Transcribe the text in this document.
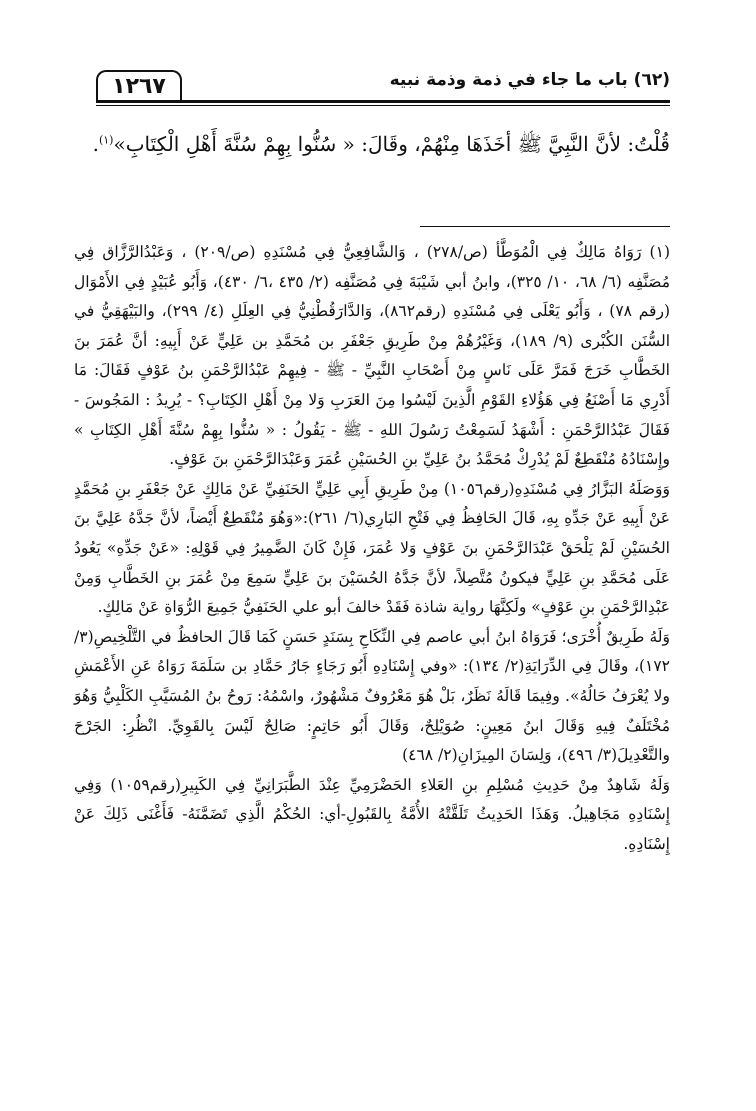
(٦٢) باب ما جاء في ذمة وذمة نبيه
١٢٦٧
قُلْتُ: لأنَّ النَّبِيَّ ﷺ أخَذَهَا مِنْهُمْ، وقَالَ: « سُنُّوا بِهِمْ سُنَّةَ أَهْلِ الْكِتَابِ»$^{(١)}$.

(١) رَوَاهُ مَالِكٌ فِي الْمُوَطَّأ (ص/٢٧٨) ، وَالشَّافِعِيُّ فِي مُسْنَدِهِ (ص/٢٠٩) ، وَعَبْدُالرَّزَّاق فِي مُصَنَّفِه (٦/ ٦٨، ١٠/ ٣٢٥)، وابنُ أبي شَيْبَةَ فِي مُصَنَّفِه (٢/ ٤٣٥ ،٦/ ٤٣٠)، وَأَبُو عُبَيْدٍ فِي الأَمْوَال (رقم ٧٨) ، وَأَبُو يَعْلَى فِي مُسْنَدِهِ (رقم٨٦٢)، وَالدَّارَقُطْنِيُّ فِي العِلَلِ (٤/ ٢٩٩)، والبَيْهَقِيُّ في السُّنَن الكُبْرى (٩/ ١٨٩)، وَغَيْرُهُمْ مِنْ طَرِيقِ جَعْفَرِ بن مُحَمَّدِ بن عَلِيٍّ عَنْ أَبِيهِ: أنَّ عُمَرَ بنَ الخَطَّابِ خَرَجَ فَمَرَّ عَلَى نَاسٍ مِنْ أَصْحَابِ النَّبِيِّ - ﷺ - فِيهِمْ عَبْدُالرَّحْمَنِ بنُ عَوْفٍ فَقَالَ: مَا أَدْرِي مَا أَصْنَعُ فِي هَؤُلاءِ القَوْمِ الَّذِينَ لَيْسُوا مِنَ العَرَبِ وَلا مِنْ أَهْلِ الكِتَابِ؟ - يُرِيدُ : المَجُوسَ - فَقَالَ عَبْدُالرَّحْمَنِ : أَشْهَدُ لَسَمِعْتُ رَسُولَ اللهِ - ﷺ - يَقُولُ : « سُنُّوا بِهِمْ سُنَّةَ أَهْلِ الكِتَابِ » وإِسْنَادُهُ مُنْقَطِعٌ لَمْ يُدْرِكْ مُحَمَّدُ بنُ عَلِيِّ بنِ الحُسَيْنِ عُمَرَ وَعَبْدَالرَّحْمَنِ بنَ عَوْفٍ.

وَوَصَلَهُ البَزَّارُ فِي مُسْنَدِهِ(رقم١٠٥٦) مِنْ طَرِيقِ أَبِي عَلِيٍّ الحَنَفِيِّ عَنْ مَالِكٍ عَنْ جَعْفَرِ بنِ مُحَمَّدٍ عَنْ أَبِيهِ عَنْ جَدِّهِ بِهِ، قَالَ الحَافِظُ فِي فَتْحِ البَارِي(٦/ ٢٦١):«وَهُوَ مُنْقَطِعٌ أَيْضاً، لأنَّ جَدَّهُ عَلِيَّ بنَ الحُسَيْنِ لَمْ يَلْحَقْ عَبْدَالرَّحْمَنِ بنَ عَوْفٍ وَلا عُمَرَ، فَإِنْ كَانَ الضَّمِيرُ فِي قَوْلِهِ: «عَنْ جَدِّهِ» يَعُودُ عَلَى مُحَمَّدِ بنِ عَلِيٍّ فيكونُ مُتَّصِلاً، لأنَّ جَدَّهُ الحُسَيْنَ بنَ عَلِيٍّ سَمِعَ مِنْ عُمَرَ بنِ الخَطَّابِ وَمِنْ عَبْدِالرَّحْمَنِ بنِ عَوْفٍ» ولَكِنَّهَا رواية شاذة فَقَدْ خالفَ أبو علي الحَنَفِيُّ جَمِيعَ الرُّوَاةِ عَنْ مَالِكٍ.

وَلَهُ طَرِيقٌ أُخْرَى؛ فَرَوَاهُ ابنُ أبي عاصم فِي النِّكَاحِ بِسَنَدٍ حَسَنٍ كَمَا قَالَ الحافظُ في التَّلْخِيصِ(٣/ ١٧٢)، وقَالَ فِي الدِّرَايَةِ(٢/ ١٣٤): «وفي إِسْنَادِهِ أَبُو رَجَاءٍ جَارُ حَمَّادِ بن سَلَمَةَ رَوَاهُ عَنِ الأَعْمَشِ ولا يُعْرَفُ حَالُهُ». وفِيمَا قَالَهُ نَظَرٌ، بَلْ هُوَ مَعْرُوفٌ مَشْهُورٌ، واسْمُهُ: رَوحُ بنُ المُسَيَّبِ الكَلْبِيُّ وَهُوَ مُخْتَلَفٌ فِيهِ وَقَالَ ابنُ مَعِينٍ: صُوَيْلِحٌ، وَقَالَ أَبُو حَاتِمٍ: صَالِحٌ لَيْسَ بِالقَوِيِّ. انْظُرِ: الجَرْحَ والتَّعْدِيلَ(٣/ ٤٩٦)، وَلِسَانَ المِيزَانِ(٢/ ٤٦٨)

وَلَهُ شَاهِدٌ مِنْ حَدِيثِ مُسْلِمِ بنِ العَلاءِ الحَضْرَمِيِّ عِنْدَ الطَّبَرَانِيِّ فِي الكَبِيرِ(رقم١٠٥٩) وَفِي إِسْنَادِهِ مَجَاهِيلُ. وَهَذَا الحَدِيثُ تَلَقَّتْهُ الأُمَّةُ بِالقَبُولِ-أي: الحُكْمُ الَّذِي تَضَمَّنَهُ- فَأَغْنَى ذَلِكَ عَنْ إِسْنَادِهِ.
